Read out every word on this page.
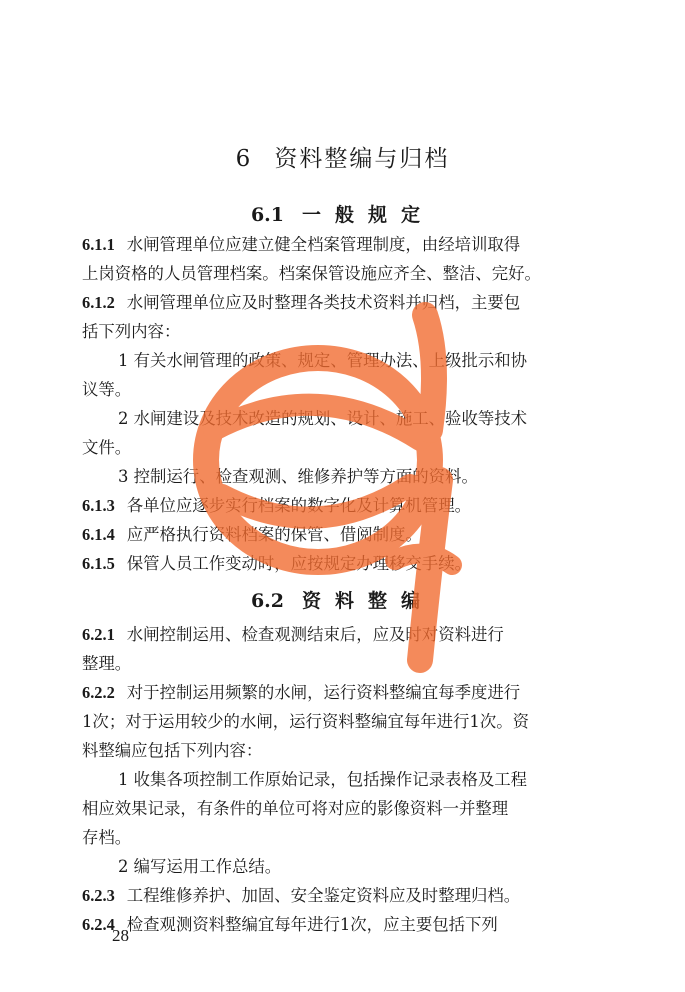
6 资料整编与归档
6.1 一般规定
6.1.1 水闸管理单位应建立健全档案管理制度，由经培训取得
上岗资格的人员管理档案。档案保管设施应齐全、整洁、完好。
6.1.2 水闸管理单位应及时整理各类技术资料并归档，主要包
括下列内容：
1 有关水闸管理的政策、规定、管理办法、上级批示和协
议等。
2 水闸建设及技术改造的规划、设计、施工、验收等技术
文件。
3 控制运行、检查观测、维修养护等方面的资料。
6.1.3 各单位应逐步实行档案的数字化及计算机管理。
6.1.4 应严格执行资料档案的保管、借阅制度。
6.1.5 保管人员工作变动时，应按规定办理移交手续。
6.2 资料整编
6.2.1 水闸控制运用、检查观测结束后，应及时对资料进行
整理。
6.2.2 对于控制运用频繁的水闸，运行资料整编宜每季度进行
1次；对于运用较少的水闸，运行资料整编宜每年进行1次。资
料整编应包括下列内容：
1 收集各项控制工作原始记录，包括操作记录表格及工程
相应效果记录，有条件的单位可将对应的影像资料一并整理
存档。
2 编写运用工作总结。
6.2.3 工程维修养护、加固、安全鉴定资料应及时整理归档。
6.2.4 检查观测资料整编宜每年进行1次，应主要包括下列
28
